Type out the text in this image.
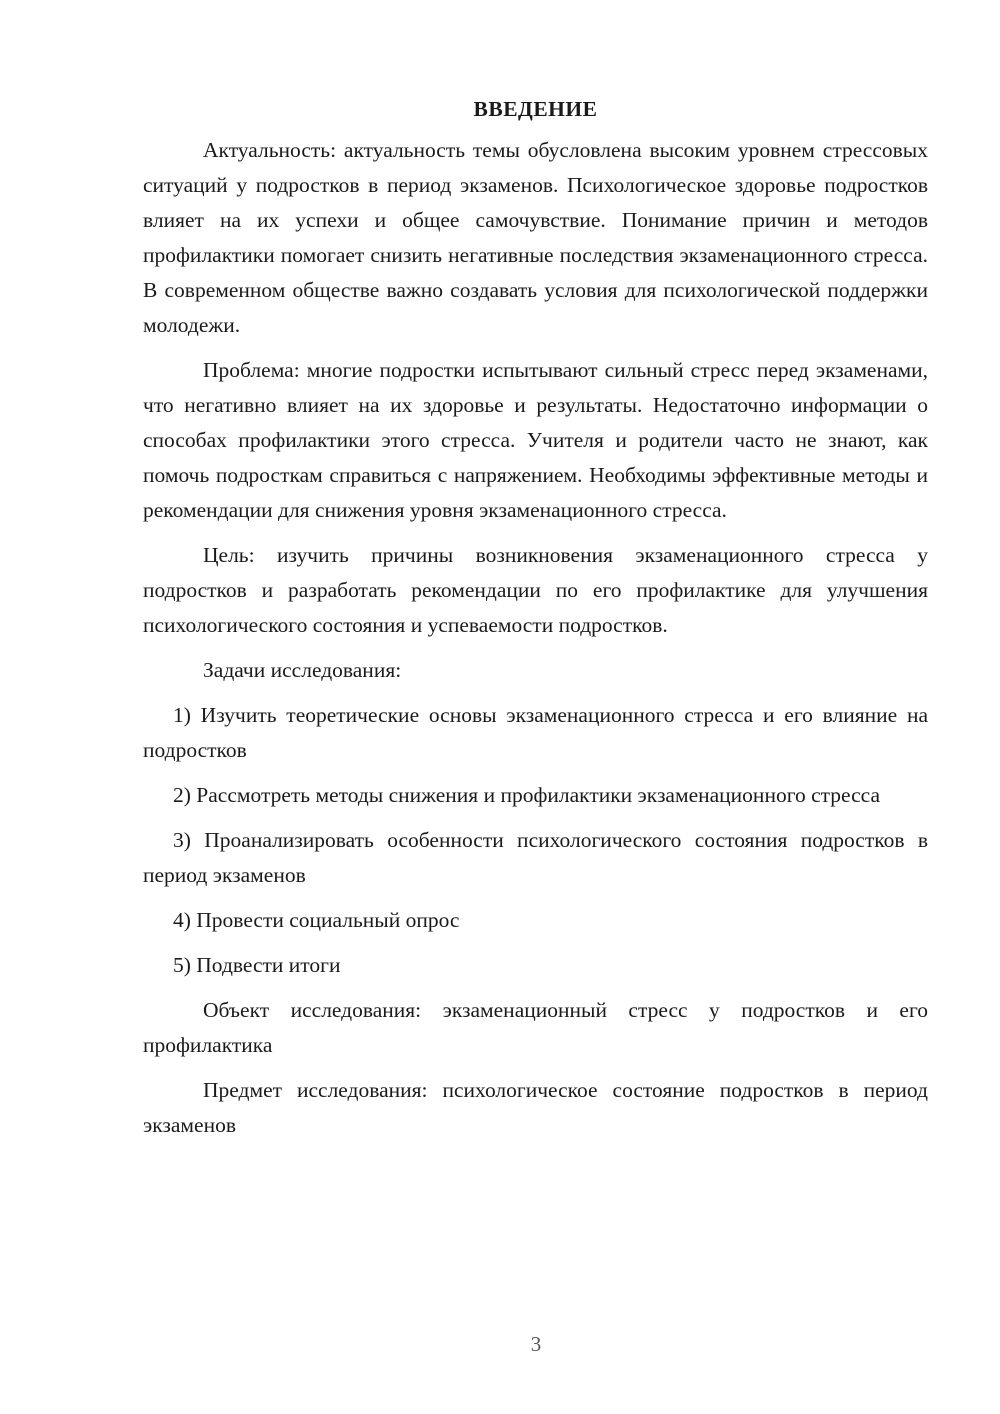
ВВЕДЕНИЕ

Актуальность: актуальность темы обусловлена высоким уровнем стрессовых ситуаций у подростков в период экзаменов. Психологическое здоровье подростков влияет на их успехи и общее самочувствие. Понимание причин и методов профилактики помогает снизить негативные последствия экзаменационного стресса. В современном обществе важно создавать условия для психологической поддержки молодежи.

Проблема: многие подростки испытывают сильный стресс перед экзаменами, что негативно влияет на их здоровье и результаты. Недостаточно информации о способах профилактики этого стресса. Учителя и родители часто не знают, как помочь подросткам справиться с напряжением. Необходимы эффективные методы и рекомендации для снижения уровня экзаменационного стресса.

Цель: изучить причины возникновения экзаменационного стресса у подростков и разработать рекомендации по его профилактике для улучшения психологического состояния и успеваемости подростков.

Задачи исследования:

1) Изучить теоретические основы экзаменационного стресса и его влияние на подростков

2) Рассмотреть методы снижения и профилактики экзаменационного стресса

3) Проанализировать особенности психологического состояния подростков в период экзаменов

4) Провести социальный опрос

5) Подвести итоги

Объект исследования: экзаменационный стресс у подростков и его профилактика

Предмет исследования: психологическое состояние подростков в период экзаменов

3
